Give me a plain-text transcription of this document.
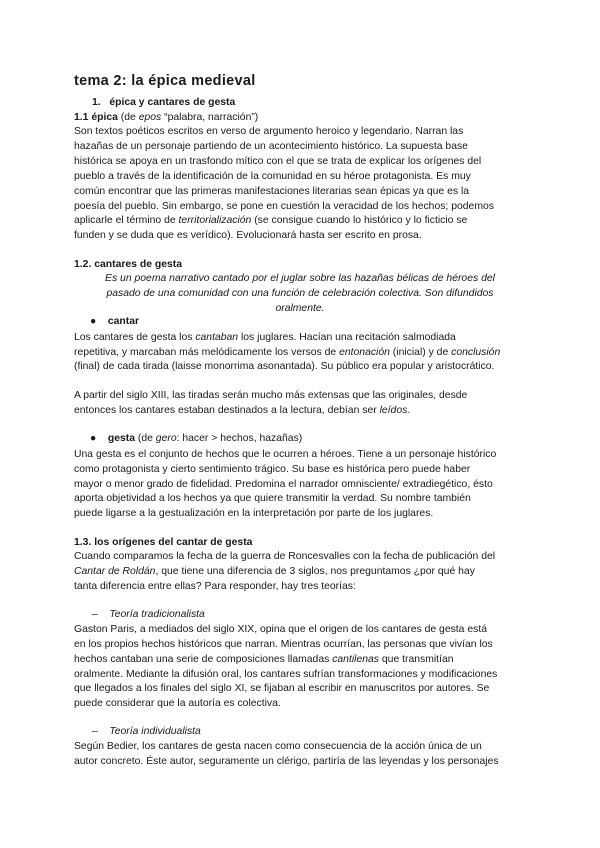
tema 2: la épica medieval
1. épica y cantares de gesta
1.1 épica (de epos “palabra, narración”)
Son textos poéticos escritos en verso de argumento heroico y legendario. Narran las
hazañas de un personaje partiendo de un acontecimiento histórico. La supuesta base
histórica se apoya en un trasfondo mítico con el que se trata de explicar los orígenes del
pueblo a través de la identificación de la comunidad en su héroe protagonista. Es muy
común encontrar que las primeras manifestaciones literarias sean épicas ya que es la
poesía del pueblo. Sin embargo, se pone en cuestión la veracidad de los hechos; podemos
aplicarle el término de territorialización (se consigue cuando lo histórico y lo ficticio se
funden y se duda que es verídico). Evolucionará hasta ser escrito en prosa.
1.2. cantares de gesta
Es un poema narrativo cantado por el juglar sobre las hazañas bélicas de héroes del
pasado de una comunidad con una función de celebración colectiva. Son difundidos
oralmente.
● cantar
Los cantares de gesta los cantaban los juglares. Hacían una recitación salmodiada
repetitiva, y marcaban más melódicamente los versos de entonación (inicial) y de conclusión
(final) de cada tirada (laisse monorrima asonantada). Su público era popular y aristocrático.
A partir del siglo XIII, las tiradas serán mucho más extensas que las originales, desde
entonces los cantares estaban destinados a la lectura, debían ser leídos.
● gesta (de gero: hacer > hechos, hazañas)
Una gesta es el conjunto de hechos que le ocurren a héroes. Tiene a un personaje histórico
como protagonista y cierto sentimiento trágico. Su base es histórica pero puede haber
mayor o menor grado de fidelidad. Predomina el narrador omnisciente/ extradiegético, ésto
aporta objetividad a los hechos ya que quiere transmitir la verdad. Su nombre también
puede ligarse a la gestualización en la interpretación por parte de los juglares.
1.3. los orígenes del cantar de gesta
Cuando comparamos la fecha de la guerra de Roncesvalles con la fecha de publicación del
Cantar de Roldán, que tiene una diferencia de 3 siglos, nos preguntamos ¿por qué hay
tanta diferencia entre ellas? Para responder, hay tres teorías:
– Teoría tradicionalista
Gaston Paris, a mediados del siglo XIX, opina que el origen de los cantares de gesta está
en los propios hechos históricos que narran. Mientras ocurrían, las personas que vivían los
hechos cantaban una serie de composiciones llamadas cantilenas que transmitían
oralmente. Mediante la difusión oral, los cantares sufrían transformaciones y modificaciones
que llegados a los finales del siglo XI, se fijaban al escribir en manuscritos por autores. Se
puede considerar que la autoría es colectiva.
– Teoría individualista
Según Bedier, los cantares de gesta nacen como consecuencia de la acción única de un
autor concreto. Éste autor, seguramente un clérigo, partiría de las leyendas y los personajes
